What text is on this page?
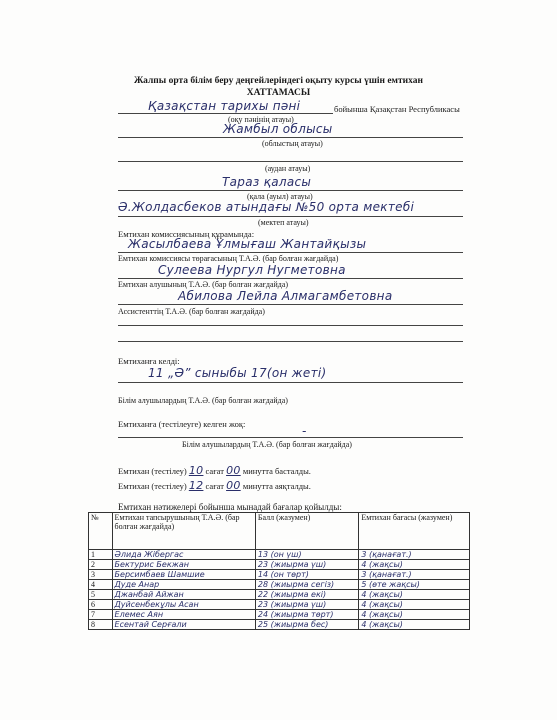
Жалпы орта білім беру деңгейлеріндегі оқыту курсы үшін емтихан
ХАТТАМАСЫ
Қазақстан тарихы пәні	бойынша Қазақстан Республикасы
(оқу пәнінің атауы)
Жамбыл облысы
(облыстың атауы)
(аудан атауы)
Тараз қаласы
(қала (ауыл) атауы)
Ә.Жолдасбеков атындағы №50 орта мектебі
(мектеп атауы)
Емтихан комиссиясының құрамында:
Жасылбаева Ұлмығаш Жантайқызы
Емтихан комиссиясы төрағасының Т.А.Ә. (бар болған жағдайда)
Сулеева Нургул Нугметовна
Емтихан алушының Т.А.Ә. (бар болған жағдайда)
Абилова Лейла Алмагамбетовна
Ассистенттің Т.А.Ә. (бар болған жағдайда)
Емтиханға келді:
11 „Ә” сыныбы 17(он жеті)
Білім алушылардың Т.А.Ә. (бар болған жағдайда)
Емтиханға (тестілеуге) келген жоқ:	-
Білім алушылардың Т.А.Ә. (бар болған жағдайда)
Емтихан (тестілеу) 10 сағат 00 минутта басталды.
Емтихан (тестілеу) 12 сағат 00 минутта аяқталды.
Емтихан нәтижелері бойынша мынадай бағалар қойылды:
№	Емтихан тапсырушының Т.А.Ә. (бар болған жағдайда)	Балл (жазумен)	Емтихан бағасы (жазумен)
1	Әлида Жібергас	13 (он үш)	3 (қанағат.)
2	Бектурис Бекжан	23 (жиырма үш)	4 (жақсы)
3	Берсимбаев Шамшие	14 (он төрт)	3 (қанағат.)
4	Дуде Анар	28 (жиырма сегіз)	5 (өте жақсы)
5	Джанбай Айжан	22 (жиырма екі)	4 (жақсы)
6	Дуйсенбекұлы Асан	23 (жиырма үш)	4 (жақсы)
7	Елемес Аян	24 (жиырма төрт)	4 (жақсы)
8	Есентай Серғали	25 (жиырма бес)	4 (жақсы)
